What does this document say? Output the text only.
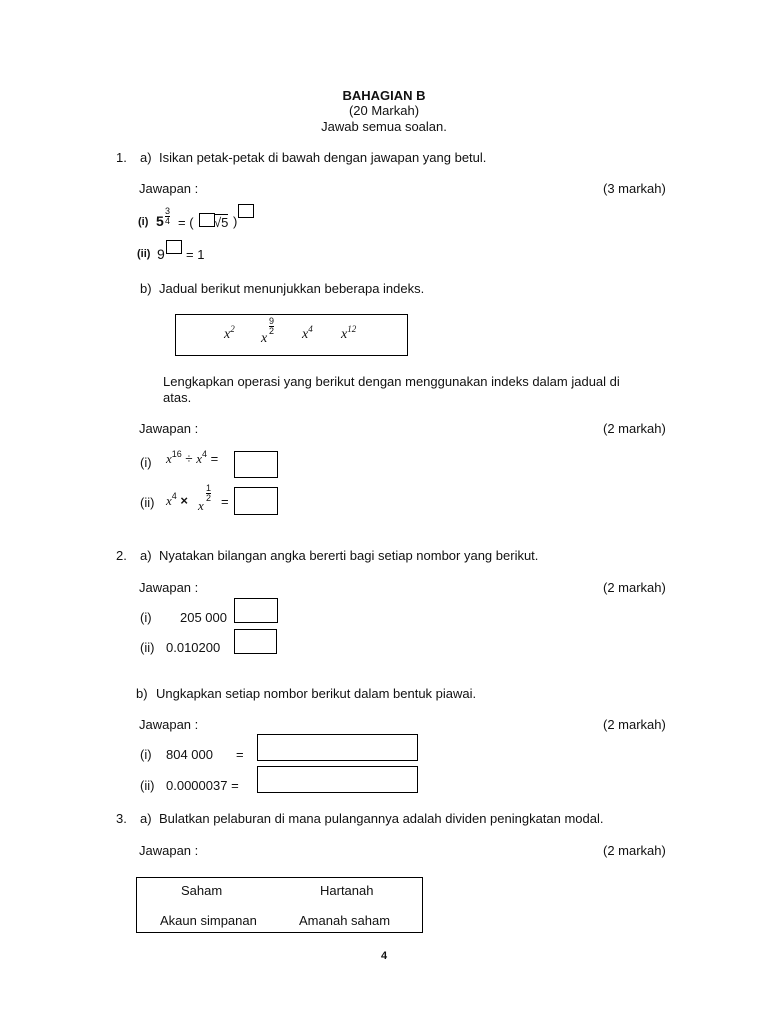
BAHAGIAN B
(20 Markah)
Jawab semua soalan.
1. a) Isikan petak-petak di bawah dengan jawapan yang betul.
Jawapan :	(3 markah)
(i) $5 \frac{3}{4}$ = ( √5 )
(ii) 9 = 1
b) Jadual berikut menunjukkan beberapa indeks.
$x^2$
x
$\frac{9}{2} x^4$ $x^{12}$
Lengkapkan operasi yang berikut dengan menggunakan indeks dalam jadual di
atas.
Jawapan :	(2 markah)
(i) $x^{16} \div x^4$ =
(ii) $x^4 \times x$
$\frac{1}{2}$ =
2. a) Nyatakan bilangan angka bererti bagi setiap nombor yang berikut.
Jawapan :	(2 markah)
(i) 205 000
(ii) 0.010200
b) Ungkapkan setiap nombor berikut dalam bentuk piawai.
Jawapan :	(2 markah)
(i) 804 000 =
(ii) 0.0000037 =
3. a) Bulatkan pelaburan di mana pulangannya adalah dividen peningkatan modal.
Jawapan :	(2 markah)
Saham	Hartanah
Akaun simpanan	Amanah saham
4
